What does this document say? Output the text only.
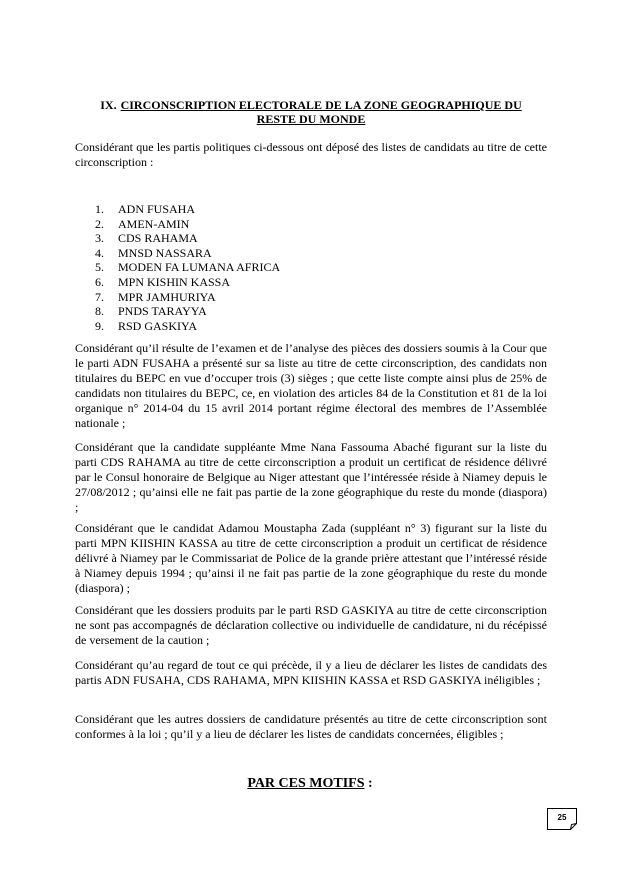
IX. CIRCONSCRIPTION ELECTORALE DE LA ZONE GEOGRAPHIQUE DU
RESTE DU MONDE
Considérant que les partis politiques ci-dessous ont déposé des listes de candidats au titre de cette circonscription :
1.	ADN FUSAHA
2.	AMEN-AMIN
3.	CDS RAHAMA
4.	MNSD NASSARA
5.	MODEN FA LUMANA AFRICA
6.	MPN KISHIN KASSA
7.	MPR JAMHURIYA
8.	PNDS TARAYYA
9.	RSD GASKIYA
Considérant qu’il résulte de l’examen et de l’analyse des pièces des dossiers soumis à la Cour que le parti ADN FUSAHA a présenté sur sa liste au titre de cette circonscription, des candidats non titulaires du BEPC en vue d’occuper trois (3) sièges ; que cette liste compte ainsi plus de 25% de candidats non titulaires du BEPC, ce, en violation des articles 84 de la Constitution et 81 de la loi organique n° 2014-04 du 15 avril 2014 portant régime électoral des membres de l’Assemblée nationale ;
Considérant que la candidate suppléante Mme Nana Fassouma Abaché figurant sur la liste du parti CDS RAHAMA au titre de cette circonscription a produit un certificat de résidence délivré par le Consul honoraire de Belgique au Niger attestant que l’intéressée réside à Niamey depuis le 27/08/2012 ; qu’ainsi elle ne fait pas partie de la zone géographique du reste du monde (diaspora) ;
Considérant que le candidat Adamou Moustapha Zada (suppléant n° 3) figurant sur la liste du parti MPN KIISHIN KASSA au titre de cette circonscription a produit un certificat de résidence délivré à Niamey par le Commissariat de Police de la grande prière attestant que l’intéressé réside à Niamey depuis 1994 ; qu’ainsi il ne fait pas partie de la zone géographique du reste du monde (diaspora) ;
Considérant que les dossiers produits par le parti RSD GASKIYA au titre de cette circonscription ne sont pas accompagnés de déclaration collective ou individuelle de candidature, ni du récépissé de versement de la caution ;
Considérant qu’au regard de tout ce qui précède, il y a lieu de déclarer les listes de candidats des partis ADN FUSAHA, CDS RAHAMA, MPN KIISHIN KASSA et RSD GASKIYA inéligibles ;
Considérant que les autres dossiers de candidature présentés au titre de cette circonscription sont conformes à la loi ; qu’il y a lieu de déclarer les listes de candidats concernées, éligibles ;
PAR CES MOTIFS :
25
